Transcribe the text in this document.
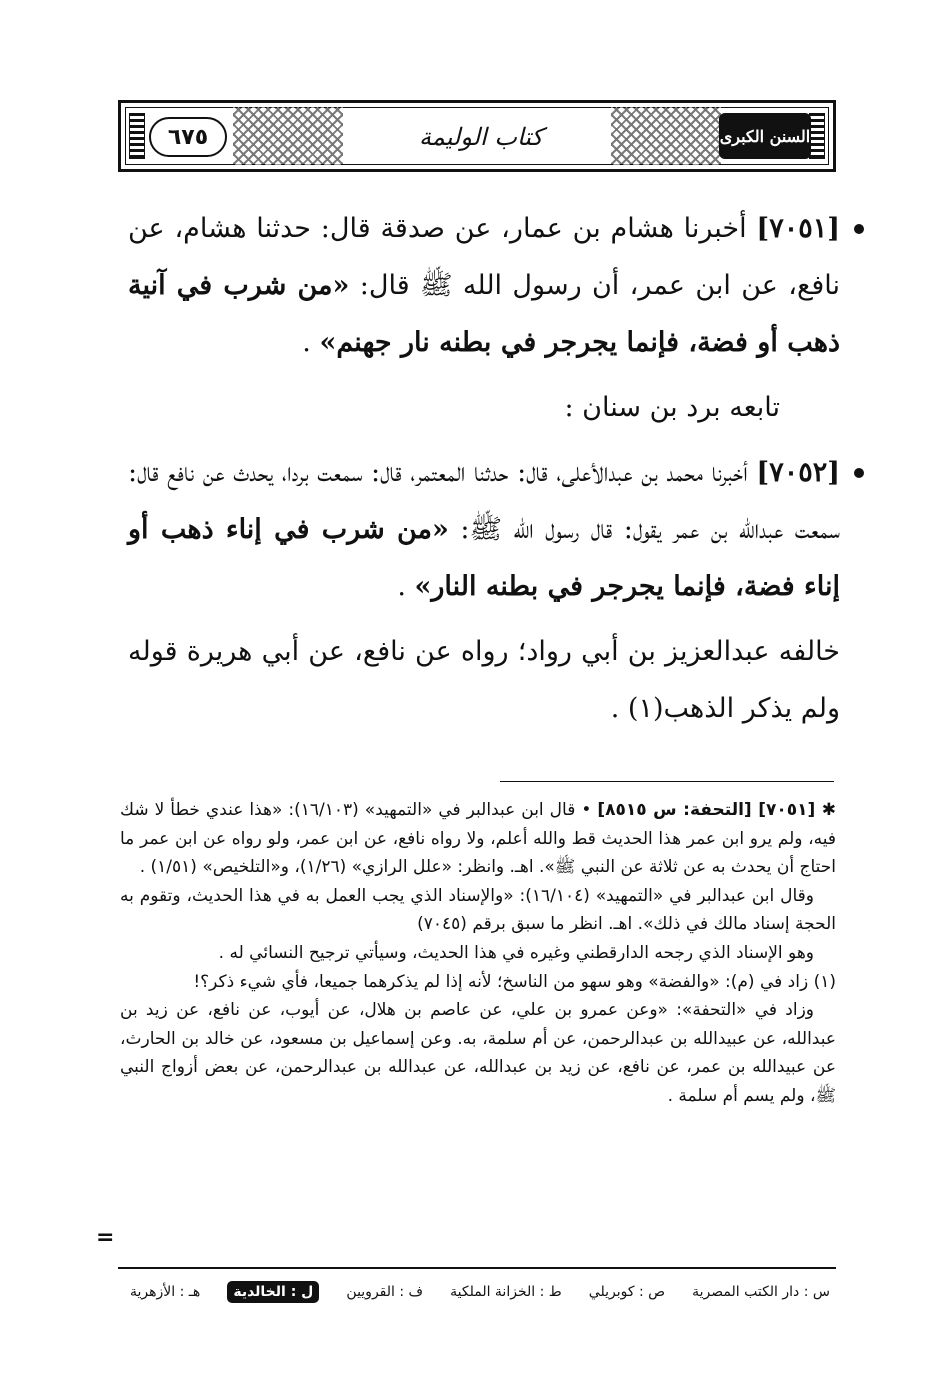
٦٧٥	كتاب الوليمة	السنن الكبرى

[٧٠٥١] أخبرنا هشام بن عمار، عن صدقة قال: حدثنا هشام، عن نافع، عن ابن عمر، أن رسول الله ﷺ قال: «من شرب في آنية ذهب أو فضة، فإنما يجرجر في بطنه نار جهنم» .

تابعه برد بن سنان :

[٧٠٥٢] أخبرنا محمد بن عبدالأعلى، قال: حدثنا المعتمر، قال: سمعت بردا، يحدث عن نافع قال: سمعت عبدالله بن عمر يقول: قال رسول الله ﷺ: «من شرب في إناء ذهب أو إناء فضة، فإنما يجرجر في بطنه النار» .

خالفه عبدالعزيز بن أبي رواد؛ رواه عن نافع، عن أبي هريرة قوله ولم يذكر الذهب(١) .

✱ [٧٠٥١] [التحفة: س ٨٥١٥] • قال ابن عبدالبر في «التمهيد» (١٦/١٠٣): «هذا عندي خطأ لا شك فيه، ولم يرو ابن عمر هذا الحديث قط والله أعلم، ولا رواه نافع، عن ابن عمر، ولو رواه عن ابن عمر ما احتاج أن يحدث به عن ثلاثة عن النبي ﷺ». اهـ. وانظر: «علل الرازي» (١/٢٦)، و«التلخيص» (١/٥١) .

وقال ابن عبدالبر في «التمهيد» (١٦/١٠٤): «والإسناد الذي يجب العمل به في هذا الحديث، وتقوم به الحجة إسناد مالك في ذلك». اهـ. انظر ما سبق برقم (٧٠٤٥)

وهو الإسناد الذي رجحه الدارقطني وغيره في هذا الحديث، وسيأتي ترجيح النسائي له .

(١) زاد في (م): «والفضة» وهو سهو من الناسخ؛ لأنه إذا لم يذكرهما جميعا، فأي شيء ذكر؟!

وزاد في «التحفة»: «وعن عمرو بن علي، عن عاصم بن هلال، عن أيوب، عن نافع، عن زيد بن عبدالله، عن عبيدالله بن عبدالرحمن، عن أم سلمة، به. وعن إسماعيل بن مسعود، عن خالد بن الحارث، عن عبيدالله بن عمر، عن نافع، عن زيد بن عبدالله، عن عبدالله بن عبدالرحمن، عن بعض أزواج النبي ﷺ، ولم يسم أم سلمة .

=
س : دار الكتب المصرية
ص : كوبريلي
ط : الخزانة الملكية
ف : القرويين
ل : الخالدية
هـ : الأزهرية
